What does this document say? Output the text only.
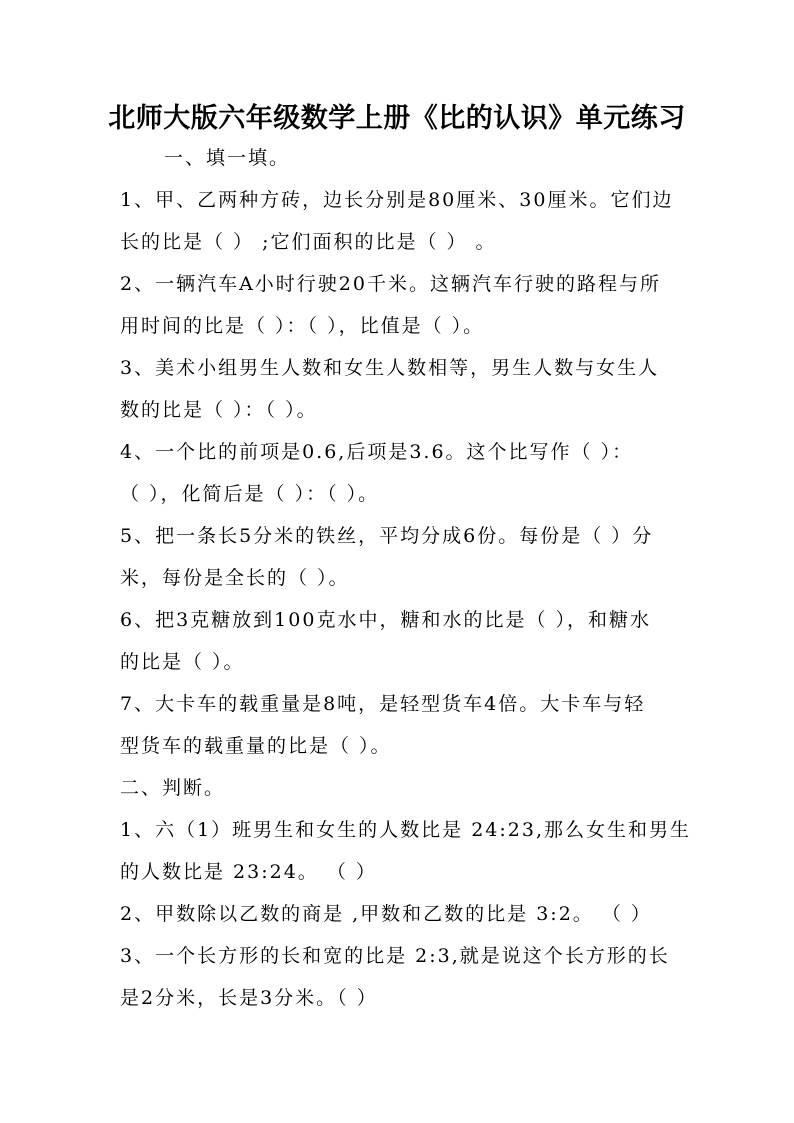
北师大版六年级数学上册《比的认识》单元练习
一、填一填。
1、甲、乙两种方砖，边长分别是80厘米、30厘米。它们边
长的比是（ ） ;它们面积的比是（ ） 。
2、一辆汽车A小时行驶20千米。这辆汽车行驶的路程与所
用时间的比是（ ）：（ ），比值是（ ）。
3、美术小组男生人数和女生人数相等，男生人数与女生人
数的比是（ ）：（ ）。
4、一个比的前项是0.6,后项是3.6。这个比写作（ ）：
（ ），化简后是（ ）：（ ）。
5、把一条长5分米的铁丝，平均分成6份。每份是（ ）分
米，每份是全长的（ ）。
6、把3克糖放到100克水中，糖和水的比是（ ），和糖水
的比是（ ）。
7、大卡车的载重量是8吨，是轻型货车4倍。大卡车与轻
型货车的载重量的比是（ ）。
二、判断。
1、六（1）班男生和女生的人数比是 24:23,那么女生和男生
的人数比是 23:24。 （ ）
2、甲数除以乙数的商是 ,甲数和乙数的比是 3:2。 （ ）
3、一个长方形的长和宽的比是 2:3,就是说这个长方形的长
是2分米，长是3分米。（ ）
